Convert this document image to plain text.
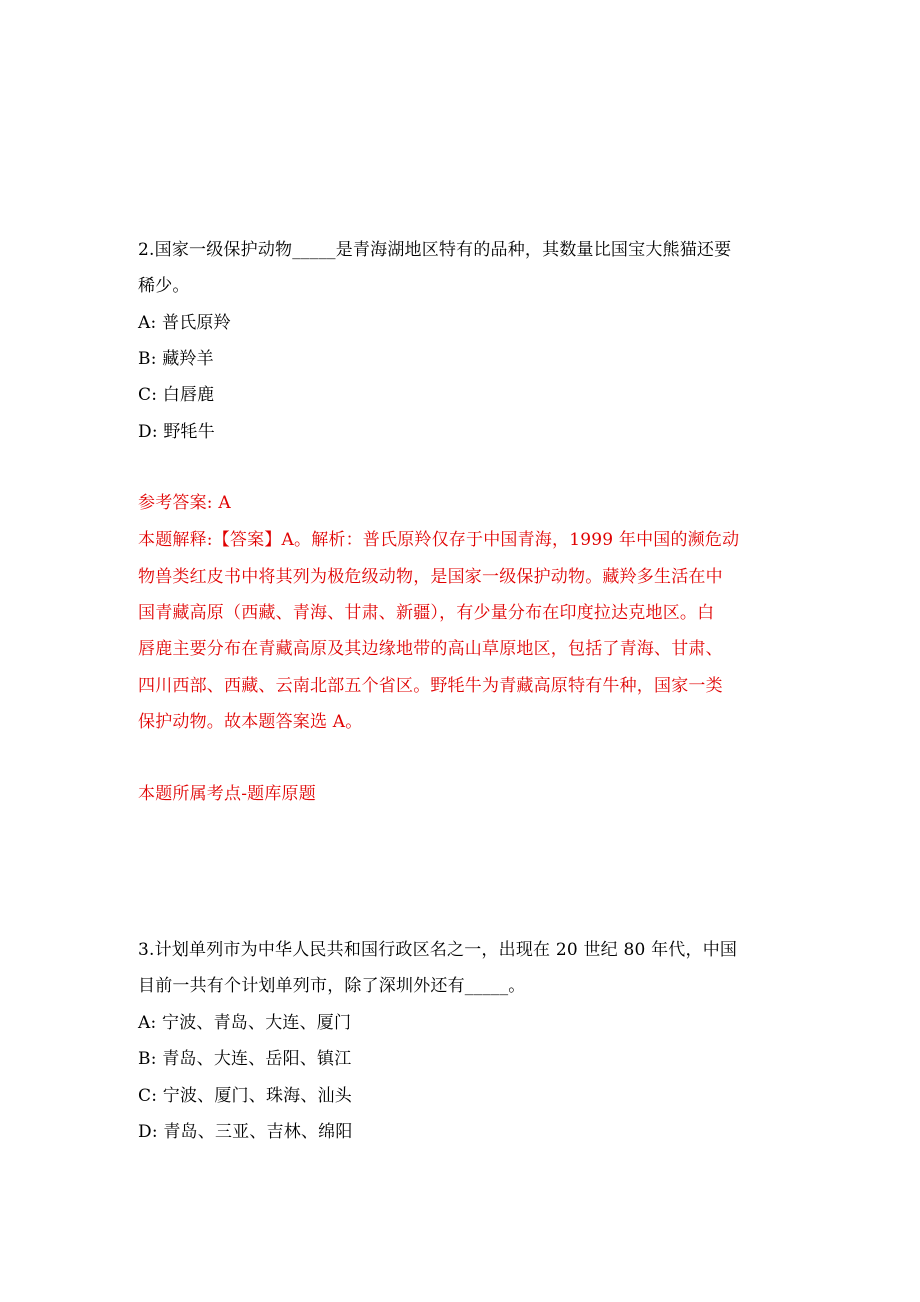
2.国家一级保护动物_____是青海湖地区特有的品种，其数量比国宝大熊猫还要
稀少。
A: 普氏原羚
B: 藏羚羊
C: 白唇鹿
D: 野牦牛
参考答案: A
本题解释:【答案】A。解析：普氏原羚仅存于中国青海，1999 年中国的濒危动
物兽类红皮书中将其列为极危级动物，是国家一级保护动物。藏羚多生活在中
国青藏高原（西藏、青海、甘肃、新疆），有少量分布在印度拉达克地区。白
唇鹿主要分布在青藏高原及其边缘地带的高山草原地区，包括了青海、甘肃、
四川西部、西藏、云南北部五个省区。野牦牛为青藏高原特有牛种，国家一类
保护动物。故本题答案选 A。
本题所属考点-题库原题
3.计划单列市为中华人民共和国行政区名之一，出现在 20 世纪 80 年代，中国
目前一共有个计划单列市，除了深圳外还有_____。
A: 宁波、青岛、大连、厦门
B: 青岛、大连、岳阳、镇江
C: 宁波、厦门、珠海、汕头
D: 青岛、三亚、吉林、绵阳
